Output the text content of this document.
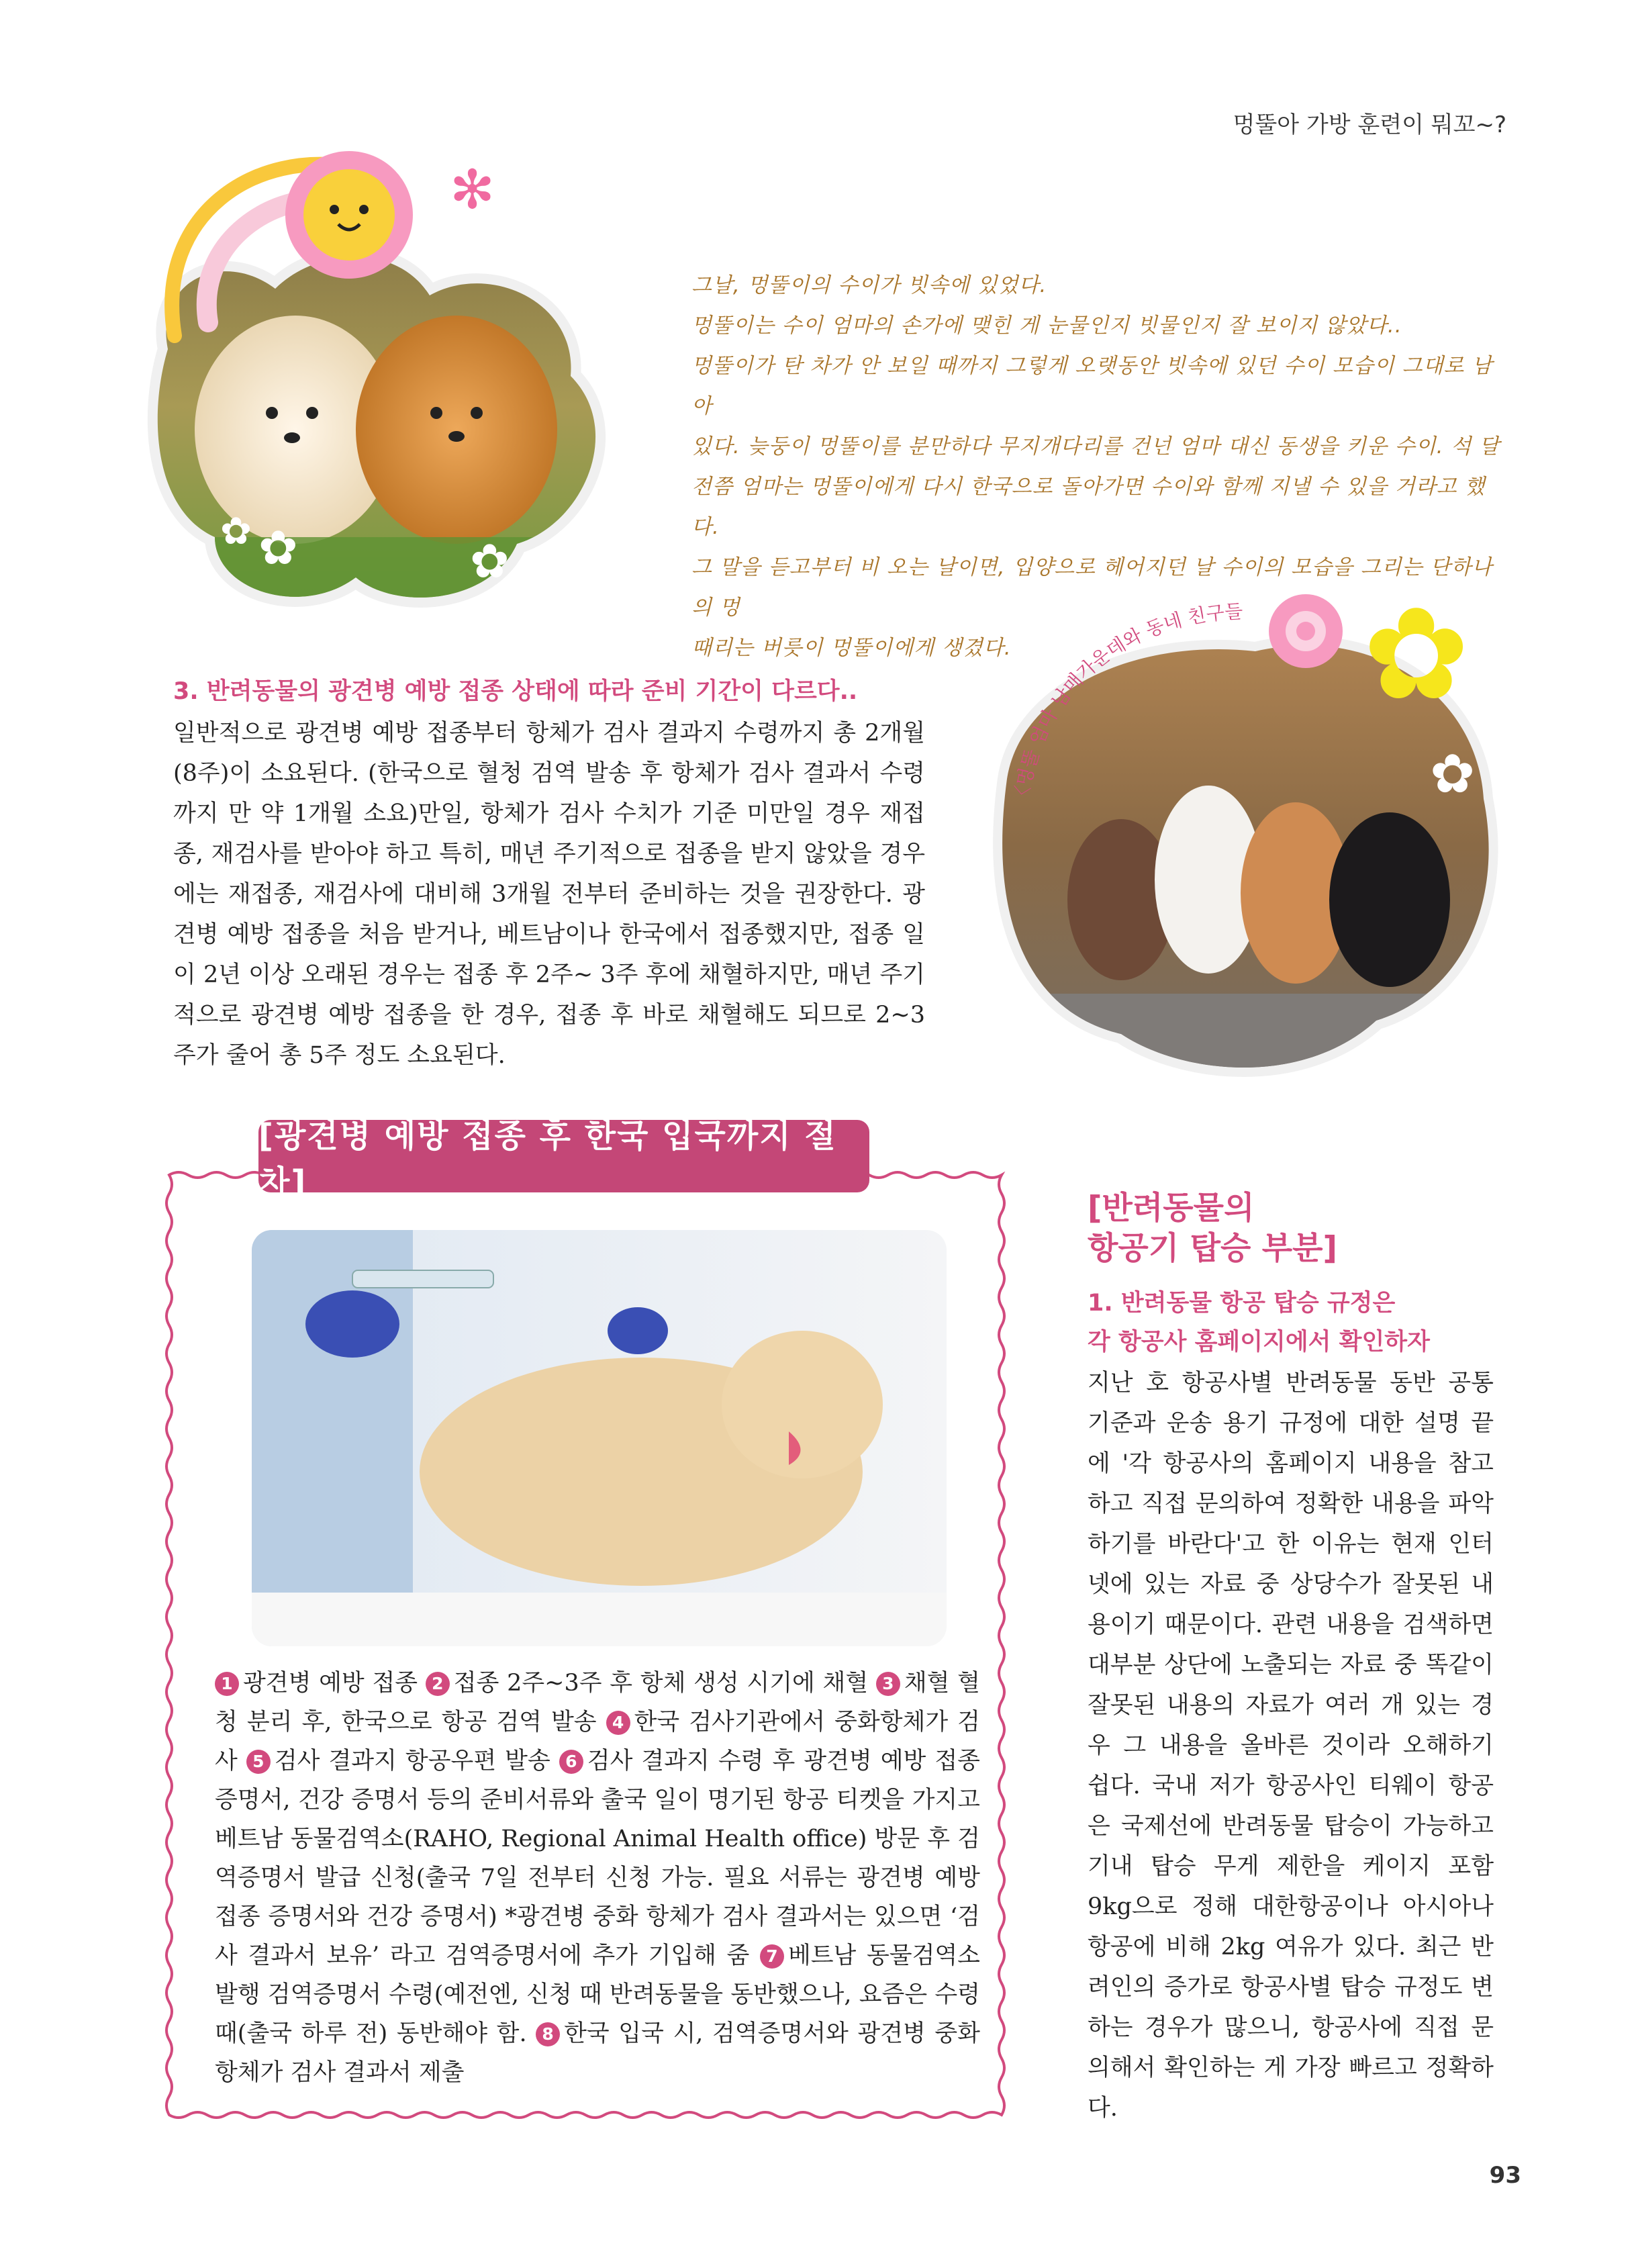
멍뚤아 가방 훈련이 뭐꼬~?
✻
✿ ✿	✿

그날, 멍뚤이의 수이가 빗속에 있었다.

멍뚤이는 수이 엄마의 손가에 맺힌 게 눈물인지 빗물인지 잘 보이지 않았다..

멍뚤이가 탄 차가 안 보일 때까지 그렇게 오랫동안 빗속에 있던 수이 모습이 그대로 남아

있다. 늦둥이 멍뚤이를 분만하다 무지개다리를 건넌 엄마 대신 동생을 키운 수이. 석 달

전쯤 엄마는 멍뚤이에게 다시 한국으로 돌아가면 수이와 함께 지낼 수 있을 거라고 했다.

그 말을 듣고부터 비 오는 날이면, 입양으로 헤어지던 날 수이의 모습을 그리는 단하나의 멍

때리는 버릇이 멍뚤이에게 생겼다.

〈멍뚤 엄마 남매가운데와 동네 친구들 ✿
✿
3. 반려동물의 광견병 예방 접종 상태에 따라 준비 기간이 다르다..

일반적으로 광견병 예방 접종부터 항체가 검사 결과지 수령까지 총 2개월(8주)이 소요된다. (한국으로 혈청 검역 발송 후 항체가 검사 결과서 수령까지 만 약 1개월 소요)만일, 항체가 검사 수치가 기준 미만일 경우 재접종, 재검사를 받아야 하고 특히, 매년 주기적으로 접종을 받지 않았을 경우에는 재접종, 재검사에 대비해 3개월 전부터 준비하는 것을 권장한다. 광견병 예방 접종을 처음 받거나, 베트남이나 한국에서 접종했지만, 접종 일이 2년 이상 오래된 경우는 접종 후 2주~ 3주 후에 채혈하지만, 매년 주기적으로 광견병 예방 접종을 한 경우, 접종 후 바로 채혈해도 되므로 2~3주가 줄어 총 5주 정도 소요된다.

[광견병 예방 접종 후 한국 입국까지 절차]

1 광견병 예방 접종 2 접종 2주~3주 후 항체 생성 시기에 채혈 3 채혈 혈청 분리 후, 한국으로 항공 검역 발송 4 한국 검사기관에서 중화항체가 검사 5 검사 결과지 항공우편 발송 6 검사 결과지 수령 후 광견병 예방 접종 증명서, 건강 증명서 등의 준비서류와 출국 일이 명기된 항공 티켓을 가지고 베트남 동물검역소(RAHO, Regional Animal Health office) 방문 후 검역증명서 발급 신청(출국 7일 전부터 신청 가능. 필요 서류는 광견병 예방 접종 증명서와 건강 증명서) *광견병 중화 항체가 검사 결과서는 있으면 ‘검사 결과서 보유’ 라고 검역증명서에 추가 기입해 줌 7 베트남 동물검역소 발행 검역증명서 수령(예전엔, 신청 때 반려동물을 동반했으나, 요즘은 수령 때(출국 하루 전) 동반해야 함. 8 한국 입국 시, 검역증명서와 광견병 중화 항체가 검사 결과서 제출

[반려동물의
항공기 탑승 부분]
1. 반려동물 항공 탑승 규정은
각 항공사 홈페이지에서 확인하자

지난 호 항공사별 반려동물 동반 공통 기준과 운송 용기 규정에 대한 설명 끝에 '각 항공사의 홈페이지 내용을 참고하고 직접 문의하여 정확한 내용을 파악하기를 바란다'고 한 이유는 현재 인터넷에 있는 자료 중 상당수가 잘못된 내용이기 때문이다. 관련 내용을 검색하면 대부분 상단에 노출되는 자료 중 똑같이 잘못된 내용의 자료가 여러 개 있는 경우 그 내용을 올바른 것이라 오해하기 쉽다. 국내 저가 항공사인 티웨이 항공은 국제선에 반려동물 탑승이 가능하고 기내 탑승 무게 제한을 케이지 포함 9kg으로 정해 대한항공이나 아시아나항공에 비해 2kg 여유가 있다. 최근 반려인의 증가로 항공사별 탑승 규정도 변하는 경우가 많으니, 항공사에 직접 문의해서 확인하는 게 가장 빠르고 정확하다.

93
